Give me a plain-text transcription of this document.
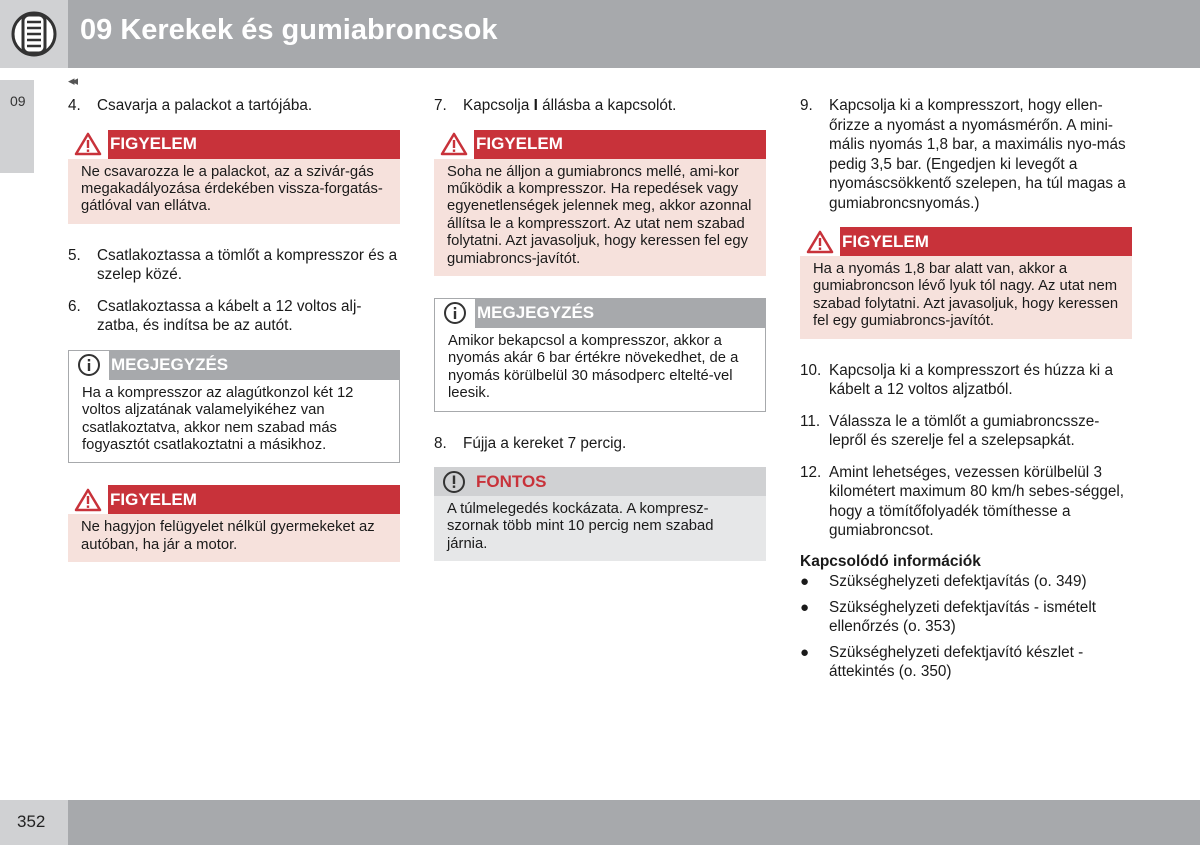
09 Kerekek és gumiabroncsok
09
◂◂
4.	Csavarja a palackot a tartójába.
FIGYELEM
Ne csavarozza le a palackot, az a szivár-gás megakadályozása érdekében vissza-forgatás-gátlóval van ellátva.
5.	Csatlakoztassa a tömlőt a kompresszor és a szelep közé.
6.	Csatlakoztassa a kábelt a 12 voltos alj-zatba, és indítsa be az autót.
MEGJEGYZÉS
Ha a kompresszor az alagútkonzol két 12 voltos aljzatának valamelyikéhez van csatlakoztatva, akkor nem szabad más fogyasztót csatlakoztatni a másikhoz.
FIGYELEM
Ne hagyjon felügyelet nélkül gyermekeket az autóban, ha jár a motor.
7.	Kapcsolja I állásba a kapcsolót.
FIGYELEM
Soha ne álljon a gumiabroncs mellé, ami-kor működik a kompresszor. Ha repedések vagy egyenetlenségek jelennek meg, akkor azonnal állítsa le a kompresszort. Az utat nem szabad folytatni. Azt javasoljuk, hogy keressen fel egy gumiabroncs-javítót.
MEGJEGYZÉS
Amikor bekapcsol a kompresszor, akkor a nyomás akár 6 bar értékre növekedhet, de a nyomás körülbelül 30 másodperc eltelté-vel leesik.
8.	Fújja a kereket 7 percig.
FONTOS
A túlmelegedés kockázata. A kompresz-szornak több mint 10 percig nem szabad járnia.
9.	Kapcsolja ki a kompresszort, hogy ellen-őrizze a nyomást a nyomásmérőn. A mini-mális nyomás 1,8 bar, a maximális nyo-más pedig 3,5 bar. (Engedjen ki levegőt a nyomáscsökkentő szelepen, ha túl magas a gumiabroncsnyomás.)
FIGYELEM
Ha a nyomás 1,8 bar alatt van, akkor a gumiabroncson lévő lyuk tól nagy. Az utat nem szabad folytatni. Azt javasoljuk, hogy keressen fel egy gumiabroncs-javítót.
10. Kapcsolja ki a kompresszort és húzza ki a kábelt a 12 voltos aljzatból.
11. Válassza le a tömlőt a gumiabroncssze-lepről és szerelje fel a szelepsapkát.
12. Amint lehetséges, vezessen körülbelül 3 kilométert maximum 80 km/h sebes-séggel, hogy a tömítőfolyadék tömíthesse a gumiabroncsot.
Kapcsolódó információk
●	Szükséghelyzeti defektjavítás (o. 349)
●	Szükséghelyzeti defektjavítás - ismételt ellenőrzés (o. 353)
●	Szükséghelyzeti defektjavító készlet - áttekintés (o. 350)
352
